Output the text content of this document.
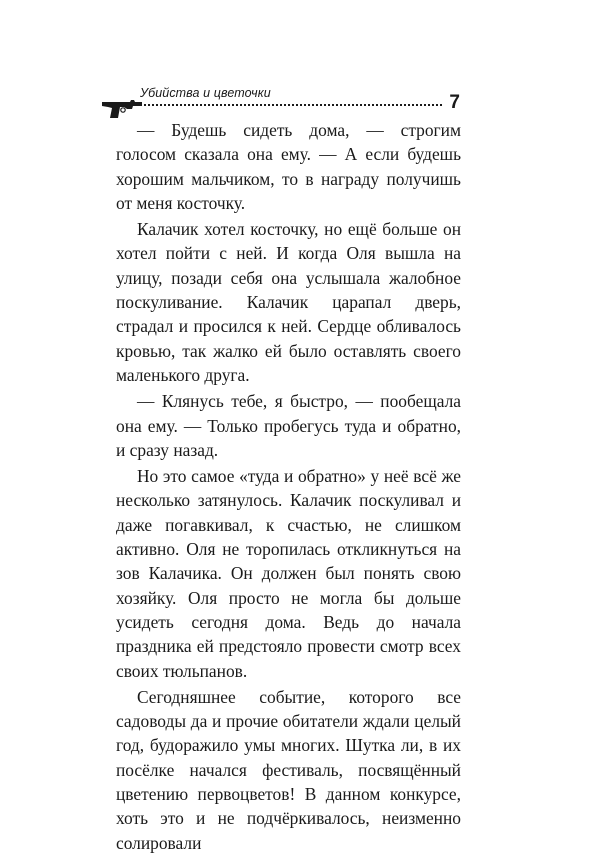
Убийства и цветочки	7

— Будешь сидеть дома, — строгим голосом сказала она ему. — А если будешь хорошим мальчиком, то в награду получишь от меня косточку.

Калачик хотел косточку, но ещё больше он хотел пойти с ней. И когда Оля вышла на улицу, позади себя она услышала жалобное поскуливание. Калачик царапал дверь, страдал и просился к ней. Сердце обливалось кровью, так жалко ей было оставлять своего маленького друга.

— Клянусь тебе, я быстро, — пообещала она ему. — Только пробегусь туда и обратно, и сразу назад.

Но это самое «туда и обратно» у неё всё же несколько затянулось. Калачик поскуливал и даже погавкивал, к счастью, не слишком активно. Оля не торопилась откликнуться на зов Калачика. Он должен был понять свою хозяйку. Оля просто не могла бы дольше усидеть сегодня дома. Ведь до начала праздника ей предстояло провести смотр всех своих тюльпанов.

Сегодняшнее событие, которого все садоводы да и прочие обитатели ждали целый год, будоражило умы многих. Шутка ли, в их посёлке начался фестиваль, посвящённый цветению первоцветов! В данном конкурсе, хоть это и не подчёркивалось, неизменно солировали
